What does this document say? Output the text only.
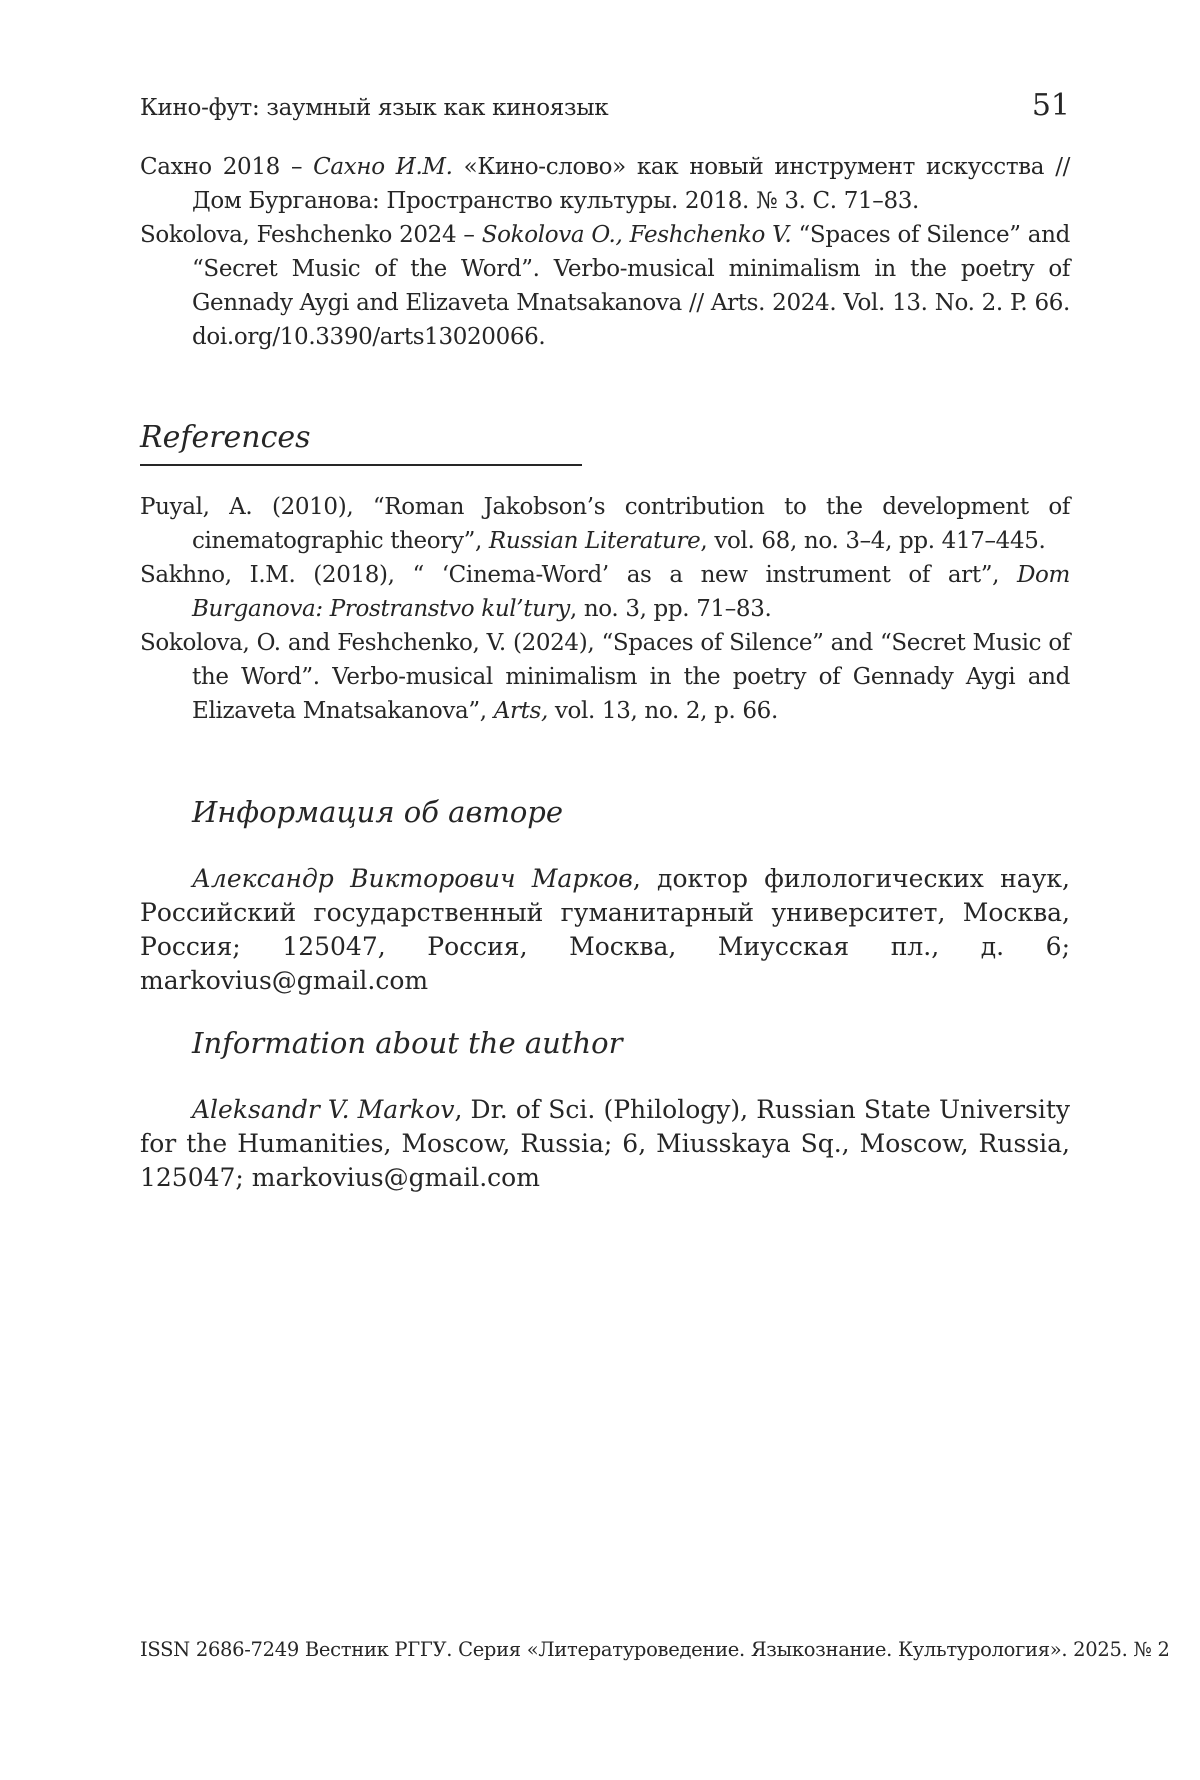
Кино-фут: заумный язык как киноязык	51
Сахно 2018 – Сахно И.М. «Кино-слово» как новый инструмент искусства // Дом Бурганова: Пространство культуры. 2018. № 3. С. 71–83.
Sokolova, Feshchenko 2024 – Sokolova O., Feshchenko V. “Spaces of Silence” and “Secret Music of the Word”. Verbo-musical minimalism in the poetry of Gennady Aygi and Elizaveta Mnatsakanova // Arts. 2024. Vol. 13. No. 2. P. 66. doi.org/10.3390/arts13020066.
References
Puyal, A. (2010), “Roman Jakobson’s contribution to the development of cinematographic theory”, Russian Literature, vol. 68, no. 3–4, pp. 417–445.
Sakhno, I.M. (2018), “ ‘Cinema-Word’ as a new instrument of art”, Dom Burganova: Prostranstvo kul’tury, no. 3, pp. 71–83.
Sokolova, O. and Feshchenko, V. (2024), “Spaces of Silence” and “Secret Music of the Word”. Verbo-musical minimalism in the poetry of Gennady Aygi and Elizaveta Mnatsakanova”, Arts, vol. 13, no. 2, p. 66.
Информация об авторе
Александр Викторович Марков, доктор филологических наук, Российский государственный гуманитарный университет, Москва, Россия; 125047, Россия, Москва, Миусская пл., д. 6; markovius@gmail.com
Information about the author
Aleksandr V. Markov, Dr. of Sci. (Philology), Russian State University for the Humanities, Moscow, Russia; 6, Miusskaya Sq., Moscow, Russia, 125047; markovius@gmail.com
ISSN 2686-7249 Вестник РГГУ. Серия «Литературоведение. Языкознание. Культурология». 2025. № 2
